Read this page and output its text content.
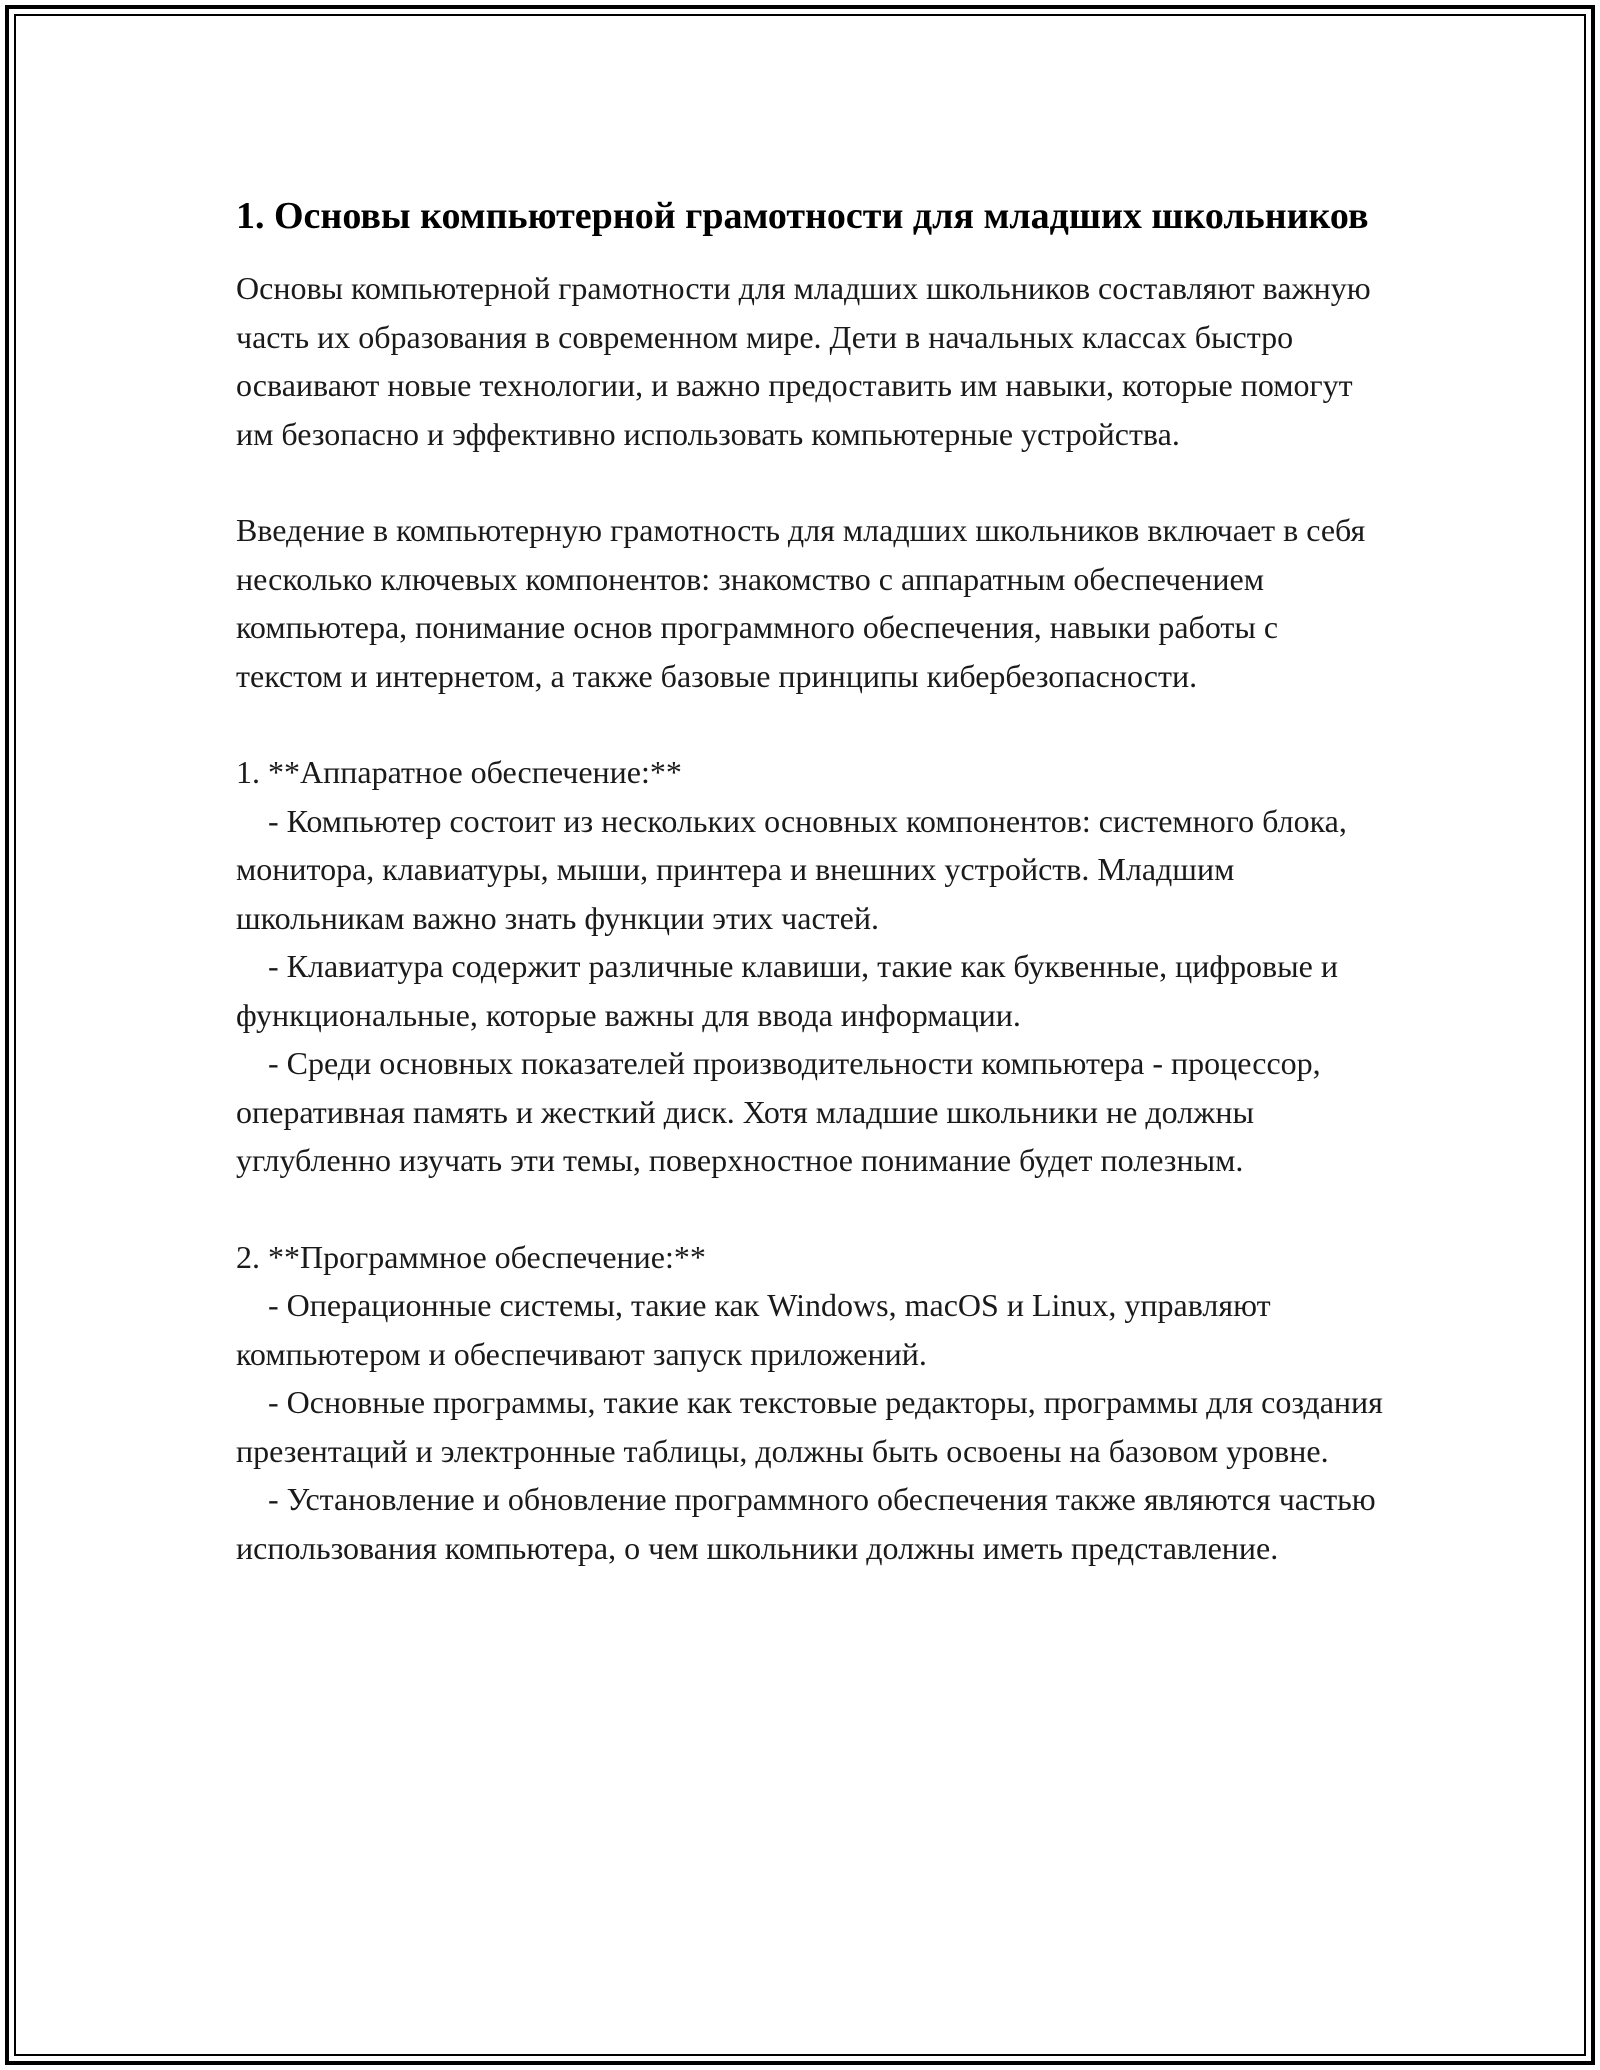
1. Основы компьютерной грамотности для младших школьников

Основы компьютерной грамотности для младших школьников составляют важную часть их образования в современном мире. Дети в начальных классах быстро осваивают новые технологии, и важно предоставить им навыки, которые помогут им безопасно и эффективно использовать компьютерные устройства.

Введение в компьютерную грамотность для младших школьников включает в себя несколько ключевых компонентов: знакомство с аппаратным обеспечением компьютера, понимание основ программного обеспечения, навыки работы с текстом и интернетом, а также базовые принципы кибербезопасности.

1. **Аппаратное обеспечение:**
- Компьютер состоит из нескольких основных компонентов: системного блока, монитора, клавиатуры, мыши, принтера и внешних устройств. Младшим школьникам важно знать функции этих частей.
- Клавиатура содержит различные клавиши, такие как буквенные, цифровые и функциональные, которые важны для ввода информации.
- Среди основных показателей производительности компьютера - процессор, оперативная память и жесткий диск. Хотя младшие школьники не должны углубленно изучать эти темы, поверхностное понимание будет полезным.

2. **Программное обеспечение:**
- Операционные системы, такие как Windows, macOS и Linux, управляют компьютером и обеспечивают запуск приложений.
- Основные программы, такие как текстовые редакторы, программы для создания презентаций и электронные таблицы, должны быть освоены на базовом уровне.
- Установление и обновление программного обеспечения также являются частью использования компьютера, о чем школьники должны иметь представление.
